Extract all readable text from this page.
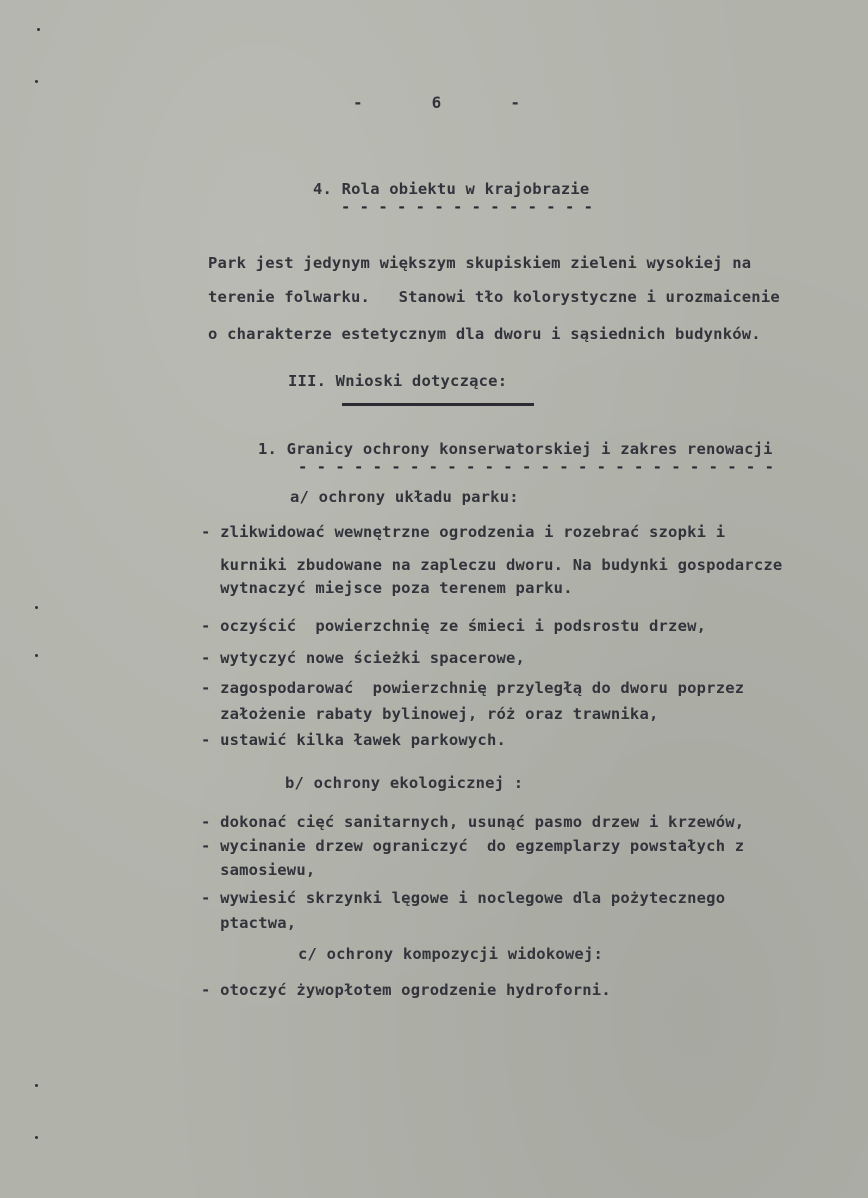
-       6       -
4. Rola obiektu w krajobrazie
- - - - - - - - - - - - - -
Park jest jedynym większym skupiskiem zieleni wysokiej na
terenie folwarku.   Stanowi tło kolorystyczne i urozmaicenie
o charakterze estetycznym dla dworu i sąsiednich budynków.
III. Wnioski dotyczące:
1. Granicy ochrony konserwatorskiej i zakres renowacji
- - - - - - - - - - - - - - - - - - - - - - - - - -
a/ ochrony układu parku:
- zlikwidować wewnętrzne ogrodzenia i rozebrać szopki i
kurniki zbudowane na zapleczu dworu. Na budynki gospodarcze
wytnaczyć miejsce poza terenem parku.
- oczyścić  powierzchnię ze śmieci i podsrostu drzew,
- wytyczyć nowe ścieżki spacerowe,
- zagospodarować  powierzchnię przyległą do dworu poprzez
założenie rabaty bylinowej, róż oraz trawnika,
- ustawić kilka ławek parkowych.
b/ ochrony ekologicznej :
- dokonać cięć sanitarnych, usunąć pasmo drzew i krzewów,
- wycinanie drzew ograniczyć  do egzemplarzy powstałych z
samosiewu,
- wywiesić skrzynki lęgowe i noclegowe dla pożytecznego
ptactwa,
c/ ochrony kompozycji widokowej:
- otoczyć żywopłotem ogrodzenie hydroforni.
